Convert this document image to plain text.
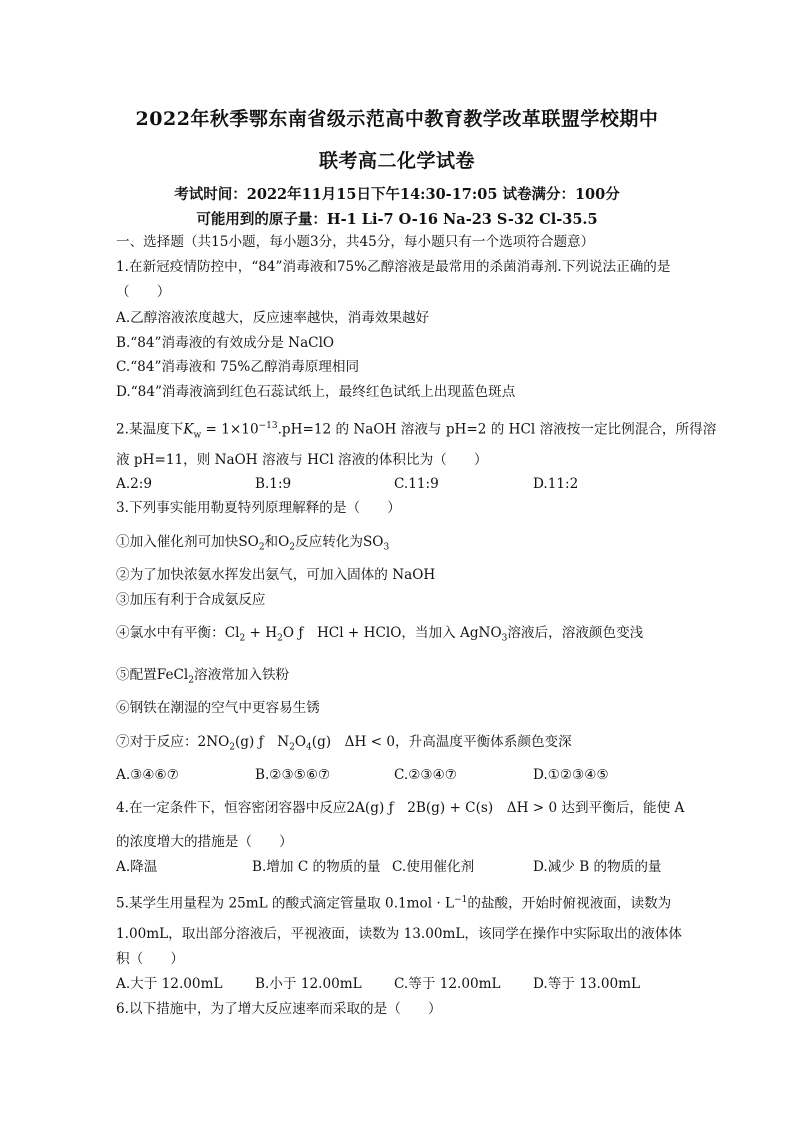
2022年秋季鄂东南省级示范高中教育教学改革联盟学校期中
联考高二化学试卷
考试时间：2022年11月15日下午14:30-17:05 试卷满分：100分
可能用到的原子量：H-1 Li-7 O-16 Na-23 S-32 Cl-35.5
一、选择题（共15小题，每小题3分，共45分，每小题只有一个选项符合题意）
1.在新冠疫情防控中，“84”消毒液和75%乙醇溶液是最常用的杀菌消毒剂.下列说法正确的是
（　　）
A.乙醇溶液浓度越大，反应速率越快，消毒效果越好
B.“84”消毒液的有效成分是 NaClO
C.“84”消毒液和 75%乙醇消毒原理相同
D.“84”消毒液滴到红色石蕊试纸上，最终红色试纸上出现蓝色斑点
2.某温度下$K_w = 1\times 10^{-13}.pH=12$ 的 NaOH 溶液与 pH=2 的 HCl 溶液按一定比例混合，所得溶
液 pH=11，则 NaOH 溶液与 HCl 溶液的体积比为（　　）
A.2:9	B.1:9	C.11:9	D.11:2
3.下列事实能用勒夏特列原理解释的是（　　）
①加入催化剂可加快$SO_2$和$O_2$反应转化为$SO_3$
②为了加快浓氨水挥发出氨气，可加入固体的 NaOH
③加压有利于合成氨反应
④氯水中有平衡：$Cl_2 + H_2O$ ƒ　HCl + HClO，当加入 AgNO$_3$溶液后，溶液颜色变浅
⑤配置FeCl$_2$溶液常加入铁粉
⑥钢铁在潮湿的空气中更容易生锈
⑦对于反应：$2NO_2(g)$ ƒ　$N_2O_4(g)$　ΔH < 0，升高温度平衡体系颜色变深
A.③④⑥⑦	B.②③⑤⑥⑦	C.②③④⑦	D.①②③④⑤
4.在一定条件下，恒容密闭容器中反应2A(g) ƒ　2B(g) + C(s)　ΔH > 0 达到平衡后，能使 A
的浓度增大的措施是（　　）
A.降温	B.增加 C 的物质的量 C.使用催化剂	D.减少 B 的物质的量
5.某学生用量程为 25mL 的酸式滴定管量取 $0.1mol \cdot L^{-1}$的盐酸，开始时俯视液面，读数为
1.00mL，取出部分溶液后，平视液面，读数为 13.00mL，该同学在操作中实际取出的液体体
积（　　）
A.大于 12.00mL B.小于 12.00mL C.等于 12.00mL D.等于 13.00mL
6.以下措施中，为了增大反应速率而采取的是（　　）
